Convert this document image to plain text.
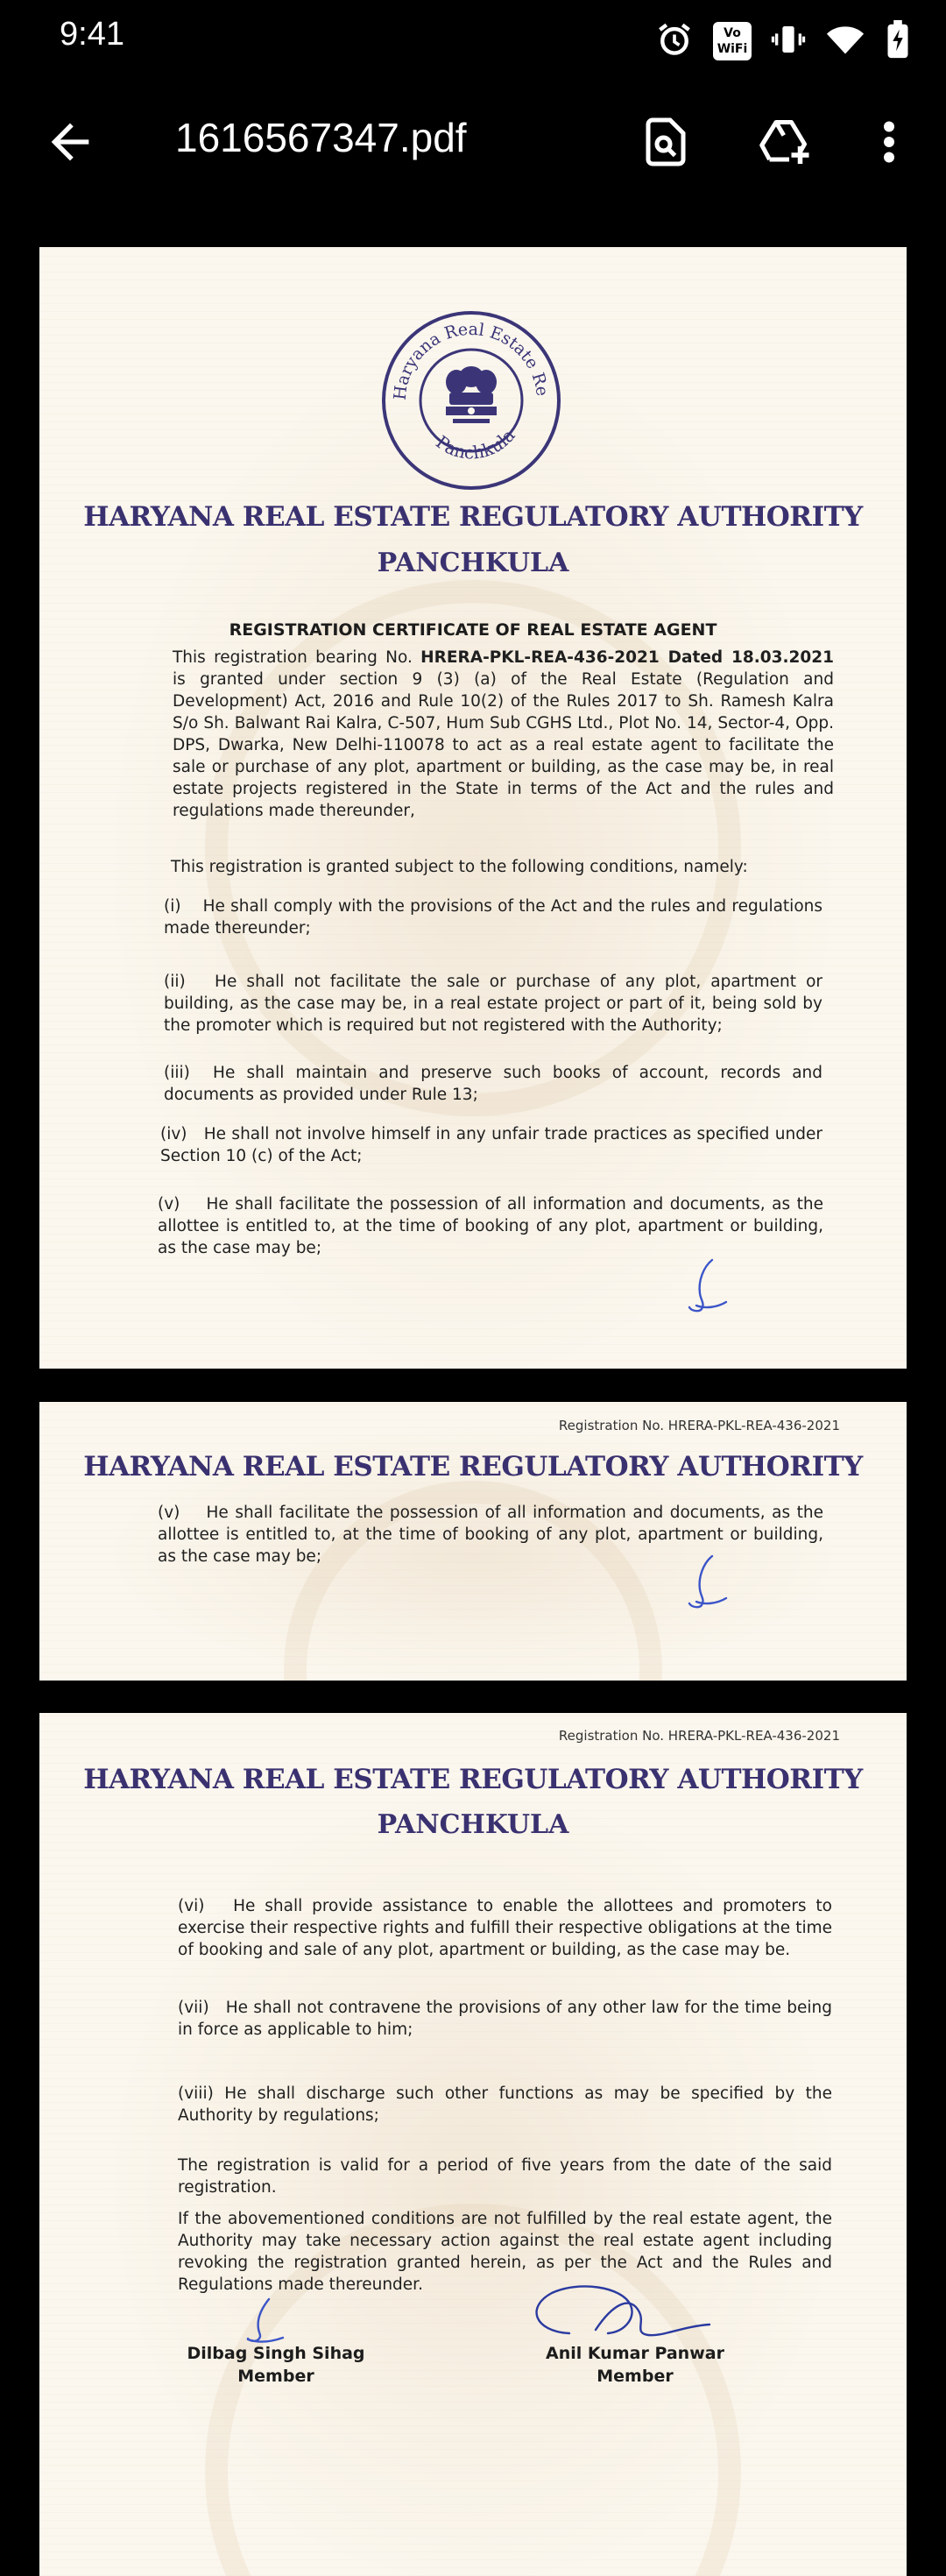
9:41	Vo WiFi
1616567347.pdf
Haryana Real Estate Re
Panchkula
HARYANA REAL ESTATE REGULATORY AUTHORITY
PANCHKULA
REGISTRATION CERTIFICATE OF REAL ESTATE AGENT
This registration bearing No. HRERA-PKL-REA-436-2021 Dated 18.03.2021 is granted under section 9 (3) (a) of the Real Estate (Regulation and Development) Act, 2016 and Rule 10(2) of the Rules 2017 to Sh. Ramesh Kalra S/o Sh. Balwant Rai Kalra, C-507, Hum Sub CGHS Ltd., Plot No. 14, Sector-4, Opp. DPS, Dwarka, New Delhi-110078 to act as a real estate agent to facilitate the sale or purchase of any plot, apartment or building, as the case may be, in real estate projects registered in the State in terms of the Act and the rules and regulations made thereunder,
This registration is granted subject to the following conditions, namely:
(i)    He shall comply with the provisions of the Act and the rules and regulations made thereunder;
(ii)   He shall not facilitate the sale or purchase of any plot, apartment or building, as the case may be, in a real estate project or part of it, being sold by the promoter which is required but not registered with the Authority;
(iii)  He shall maintain and preserve such books of account, records and documents as provided under Rule 13;
(iv)   He shall not involve himself in any unfair trade practices as specified under Section 10 (c) of the Act;
(v)    He shall facilitate the possession of all information and documents, as the allottee is entitled to, at the time of booking of any plot, apartment or building, as the case may be;
Registration No. HRERA-PKL-REA-436-2021
HARYANA REAL ESTATE REGULATORY AUTHORITY
(v)    He shall facilitate the possession of all information and documents, as the allottee is entitled to, at the time of booking of any plot, apartment or building, as the case may be;
Registration No. HRERA-PKL-REA-436-2021
HARYANA REAL ESTATE REGULATORY AUTHORITY
PANCHKULA
(vi)   He shall provide assistance to enable the allottees and promoters to exercise their respective rights and fulfill their respective obligations at the time of booking and sale of any plot, apartment or building, as the case may be.
(vii)   He shall not contravene the provisions of any other law for the time being in force as applicable to him;
(viii) He shall discharge such other functions as may be specified by the Authority by regulations;
The registration is valid for a period of five years from the date of the said registration.
If the abovementioned conditions are not fulfilled by the real estate agent, the Authority may take necessary action against the real estate agent including revoking the registration granted herein, as per the Act and the Rules and Regulations made thereunder.
Dilbag Singh Sihag
Member
Anil Kumar Panwar
Member
